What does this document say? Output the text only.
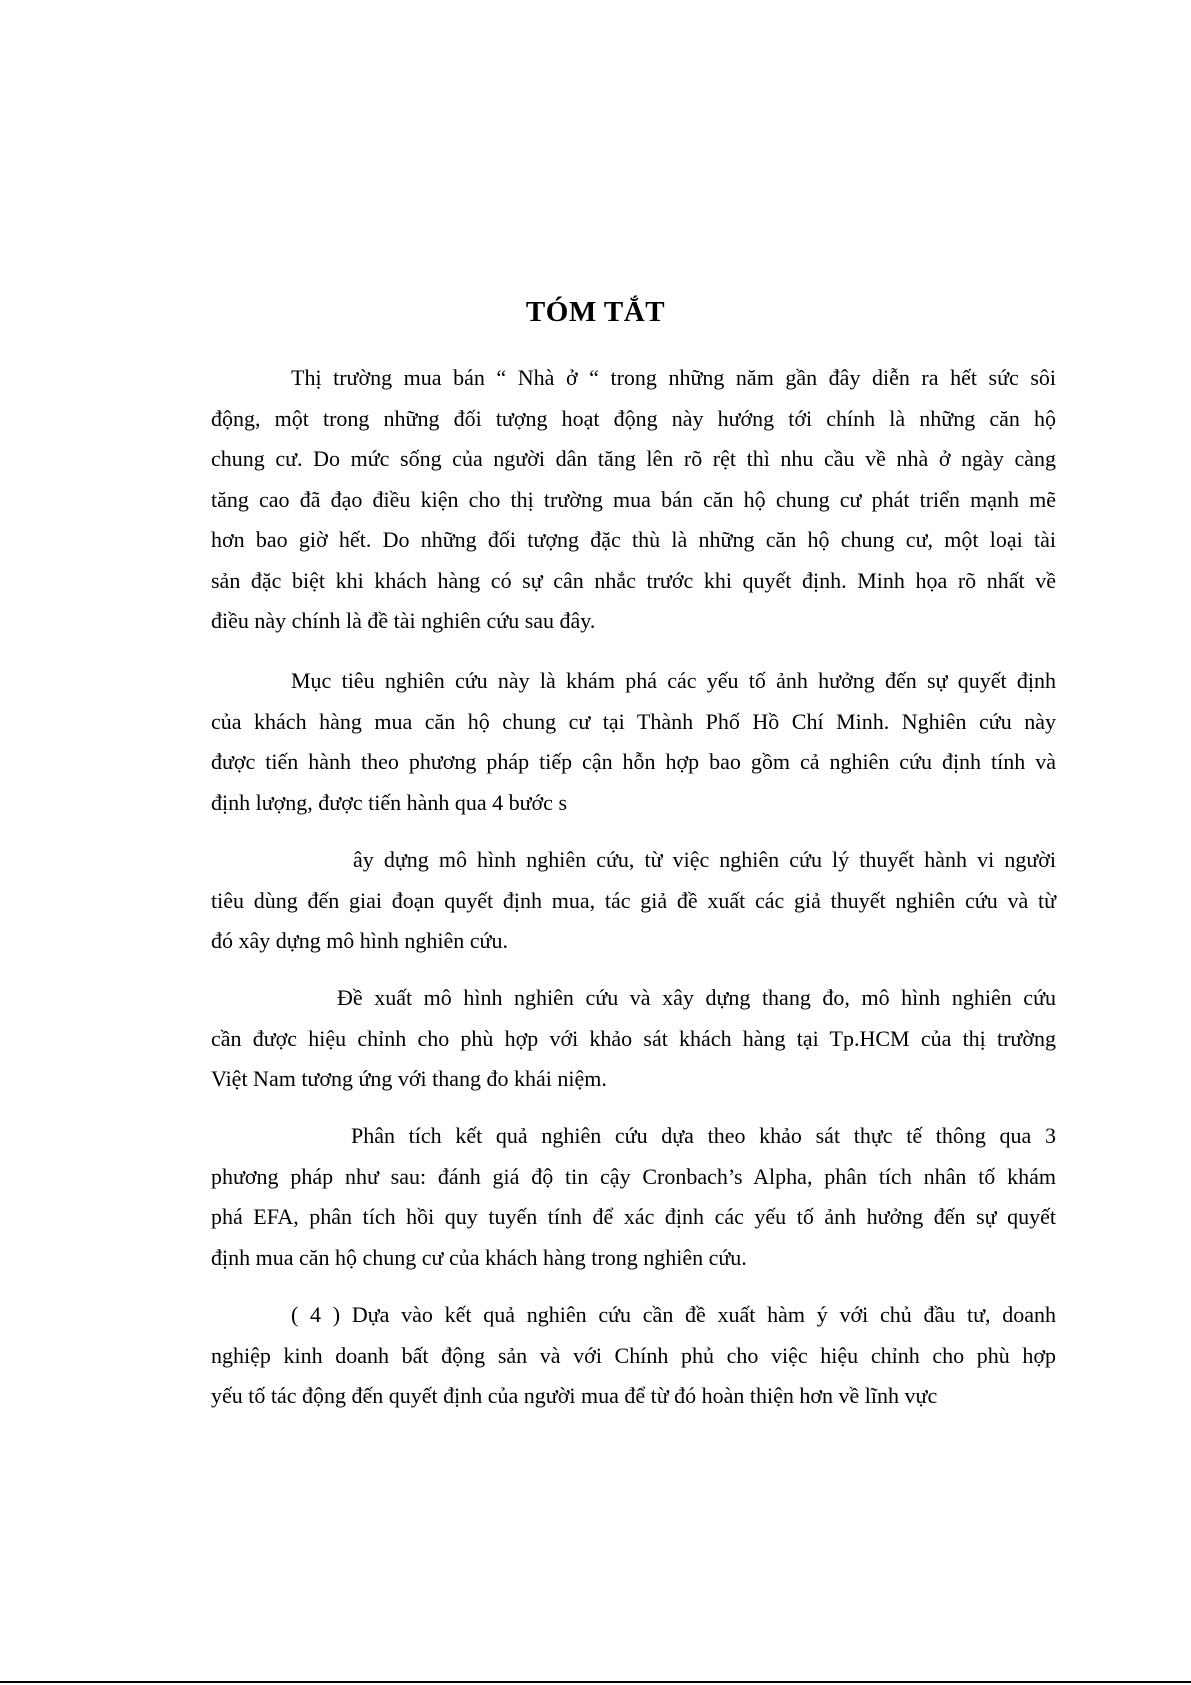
TÓM TẮT
Thị trường mua bán “ Nhà ở “ trong những năm gần đây diễn ra hết sức sôi
động, một trong những đối tượng hoạt động này hướng tới chính là những căn hộ
chung cư. Do mức sống của người dân tăng lên rõ rệt thì nhu cầu về nhà ở ngày càng
tăng cao đã đạo điều kiện cho thị trường mua bán căn hộ chung cư phát triển mạnh mẽ
hơn bao giờ hết. Do những đối tượng đặc thù là những căn hộ chung cư, một loại tài
sản đặc biệt khi khách hàng có sự cân nhắc trước khi quyết định. Minh họa rõ nhất về
điều này chính là đề tài nghiên cứu sau đây.
Mục tiêu nghiên cứu này là khám phá các yếu tố ảnh hưởng đến sự quyết định
của khách hàng mua căn hộ chung cư tại Thành Phố Hồ Chí Minh. Nghiên cứu này
được tiến hành theo phương pháp tiếp cận hỗn hợp bao gồm cả nghiên cứu định tính và
định lượng, được tiến hành qua 4 bước s
ây dựng mô hình nghiên cứu, từ việc nghiên cứu lý thuyết hành vi người
tiêu dùng đến giai đoạn quyết định mua, tác giả đề xuất các giả thuyết nghiên cứu và từ
đó xây dựng mô hình nghiên cứu.
Đề xuất mô hình nghiên cứu và xây dựng thang đo, mô hình nghiên cứu
cần được hiệu chỉnh cho phù hợp với khảo sát khách hàng tại Tp.HCM của thị trường
Việt Nam tương ứng với thang đo khái niệm.
Phân tích kết quả nghiên cứu dựa theo khảo sát thực tế thông qua 3
phương pháp như sau: đánh giá độ tin cậy Cronbach’s Alpha, phân tích nhân tố khám
phá EFA, phân tích hồi quy tuyến tính để xác định các yếu tố ảnh hưởng đến sự quyết
định mua căn hộ chung cư của khách hàng trong nghiên cứu.
( 4 ) Dựa vào kết quả nghiên cứu cần đề xuất hàm ý với chủ đầu tư, doanh
nghiệp kinh doanh bất động sản và với Chính phủ cho việc hiệu chỉnh cho phù hợp
yếu tố tác động đến quyết định của người mua để từ đó hoàn thiện hơn về lĩnh vực
